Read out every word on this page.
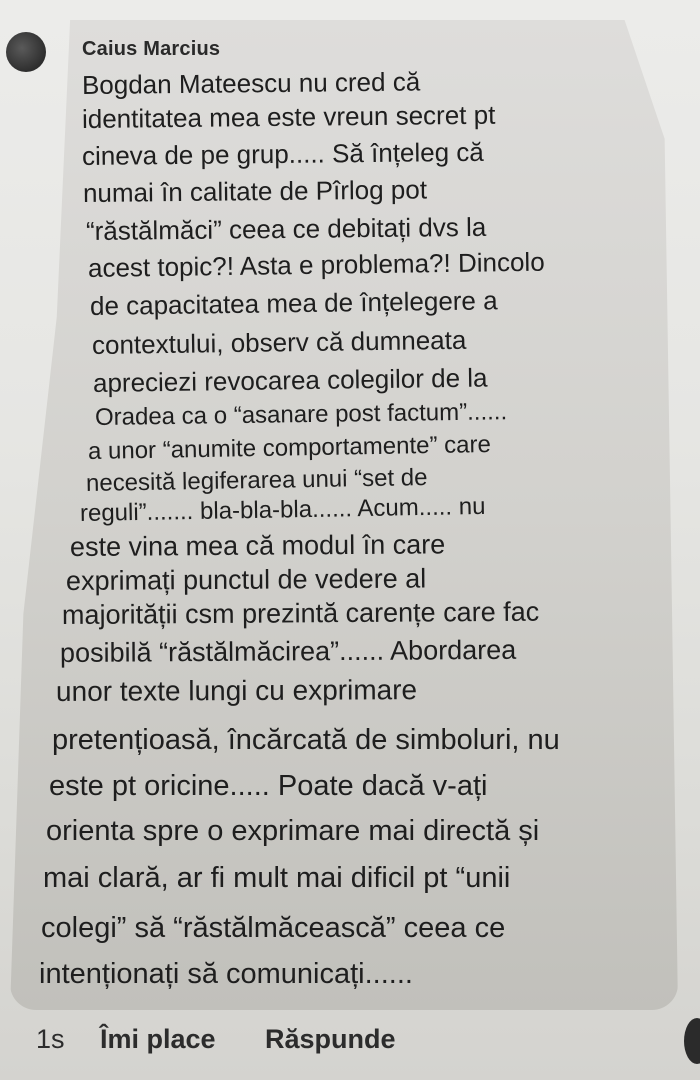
Caius Marcius
Bogdan Mateescu nu cred că
identitatea mea este vreun secret pt
cineva de pe grup..... Să înțeleg că
numai în calitate de Pîrlog pot
“răstălmăci” ceea ce debitați dvs la
acest topic?! Asta e problema?! Dincolo
de capacitatea mea de înțelegere a
contextului, observ că dumneata
apreciezi revocarea colegilor de la
Oradea ca o “asanare post factum”......
a unor “anumite comportamente” care
necesită legiferarea unui “set de
reguli”....... bla-bla-bla...... Acum..... nu
este vina mea că modul în care
exprimați punctul de vedere al
majorității csm prezintă carențe care fac
posibilă “răstălmăcirea”...... Abordarea
unor texte lungi cu exprimare
pretențioasă, încărcată de simboluri, nu
este pt oricine..... Poate dacă v-ați
orienta spre o exprimare mai directă și
mai clară, ar fi mult mai dificil pt “unii
colegi” să “răstălmăcească” ceea ce
intenționați să comunicați......
1s Îmi place Răspunde
